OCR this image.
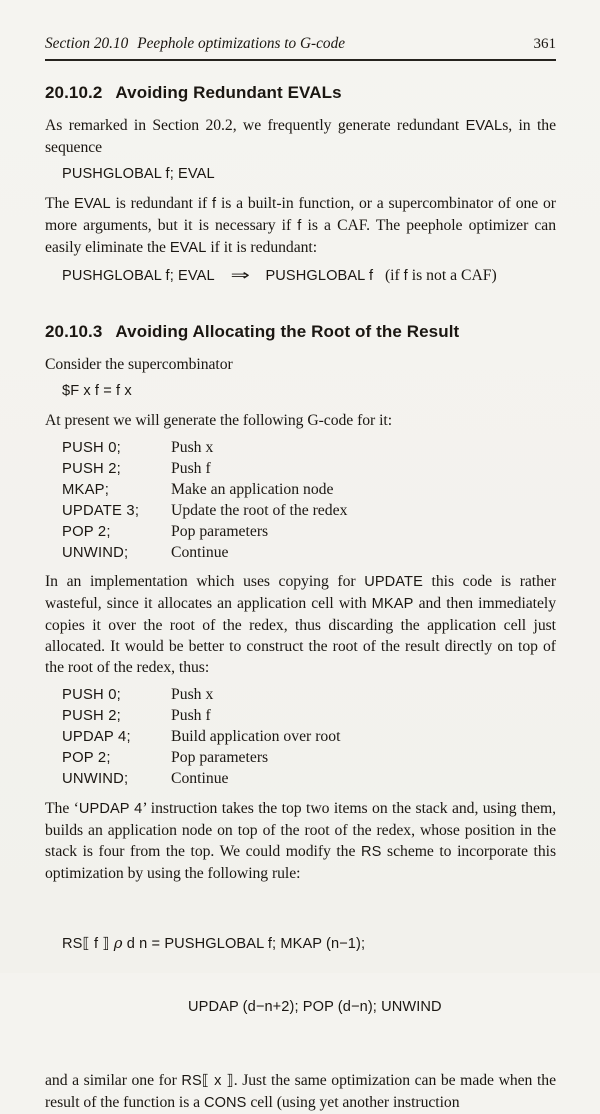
Section 20.10 Peephole optimizations to G-code	361
20.10.2 Avoiding Redundant EVALs

As remarked in Section 20.2, we frequently generate redundant EVALs, in the sequence

PUSHGLOBAL f; EVAL

The EVAL is redundant if f is a built-in function, or a supercombinator of one or more arguments, but it is necessary if f is a CAF. The peephole optimizer can easily eliminate the EVAL if it is redundant:

PUSHGLOBAL f; EVAL ⇒ PUSHGLOBAL f   (if f is not a CAF)
20.10.3 Avoiding Allocating the Root of the Result

Consider the supercombinator

$F x f = f x

At present we will generate the following G-code for it:

PUSH 0;	Push x
PUSH 2;	Push f
MKAP;	Make an application node
UPDATE 3;	Update the root of the redex
POP 2;	Pop parameters
UNWIND;	Continue

In an implementation which uses copying for UPDATE this code is rather wasteful, since it allocates an application cell with MKAP and then immediately copies it over the root of the redex, thus discarding the application cell just allocated. It would be better to construct the root of the result directly on top of the root of the redex, thus:

PUSH 0;	Push x
PUSH 2;	Push f
UPDAP 4;	Build application over root
POP 2;	Pop parameters
UNWIND;	Continue

The ‘UPDAP 4’ instruction takes the top two items on the stack and, using them, builds an application node on top of the root of the redex, whose position in the stack is four from the top. We could modify the RS scheme to incorporate this optimization by using the following rule:

RS⟦ f ⟧ ρ d n = PUSHGLOBAL f; MKAP (n−1);

UPDAP (d−n+2); POP (d−n); UNWIND

and a similar one for RS⟦ x ⟧. Just the same optimization can be made when the result of the function is a CONS cell (using yet another instruction
